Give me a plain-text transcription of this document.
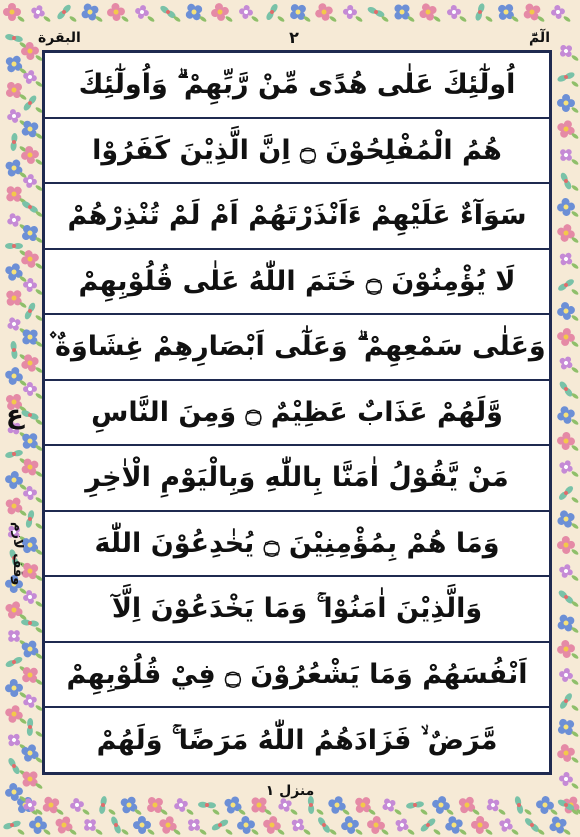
البقرة	۲	الٓمّٓ
اُولٰٓئِكَ عَلٰى هُدًى مِّنْ رَّبِّهِمْ ۗ وَاُولٰٓئِكَ
هُمُ الْمُفْلِحُوْنَ ۝ اِنَّ الَّذِيْنَ كَفَرُوْا
سَوَآءٌ عَلَيْهِمْ ءَاَنْذَرْتَهُمْ اَمْ لَمْ تُنْذِرْهُمْ
لَا يُؤْمِنُوْنَ ۝ خَتَمَ اللّٰهُ عَلٰى قُلُوْبِهِمْ
وَعَلٰى سَمْعِهِمْ ۗ وَعَلٰٓى اَبْصَارِهِمْ غِشَاوَةٌ ۫
وَّلَهُمْ عَذَابٌ عَظِيْمٌ ۝ وَمِنَ النَّاسِ
مَنْ يَّقُوْلُ اٰمَنَّا بِاللّٰهِ وَبِالْيَوْمِ الْاٰخِرِ
وَمَا هُمْ بِمُؤْمِنِيْنَ ۝ يُخٰدِعُوْنَ اللّٰهَ
وَالَّذِيْنَ اٰمَنُوْا ۚ وَمَا يَخْدَعُوْنَ اِلَّآ
اَنْفُسَهُمْ وَمَا يَشْعُرُوْنَ ۝ فِيْ قُلُوْبِهِمْ
مَّرَضٌ ۙ فَزَادَهُمُ اللّٰهُ مَرَضًا ۚ وَلَهُمْ
ع
وقف لازم
منزل ۱
